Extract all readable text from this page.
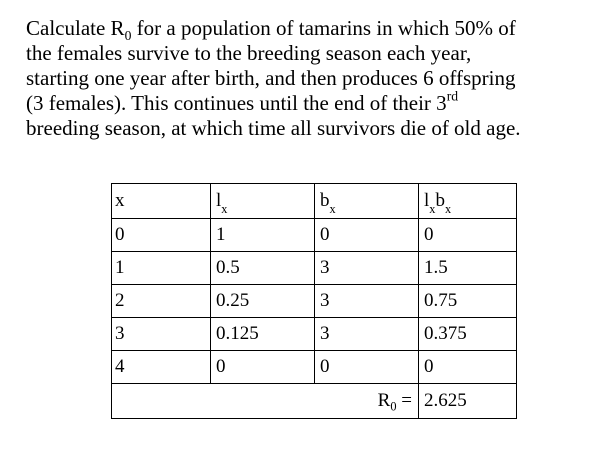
Calculate $R_0$ for a population of tamarins in which 50% of
the females survive to the breeding season each year,
starting one year after birth, and then produces 6 offspring
(3 females). This continues until the end of their 3rd
breeding season, at which time all survivors die of old age.
x	$l_x$	$b_x$	$l_xb_x$
0	1	0	0
1	0.5	3	1.5
2	0.25	3	0.75
3	0.125	3	0.375
4	0	0	0
$R_0$ =			2.625
